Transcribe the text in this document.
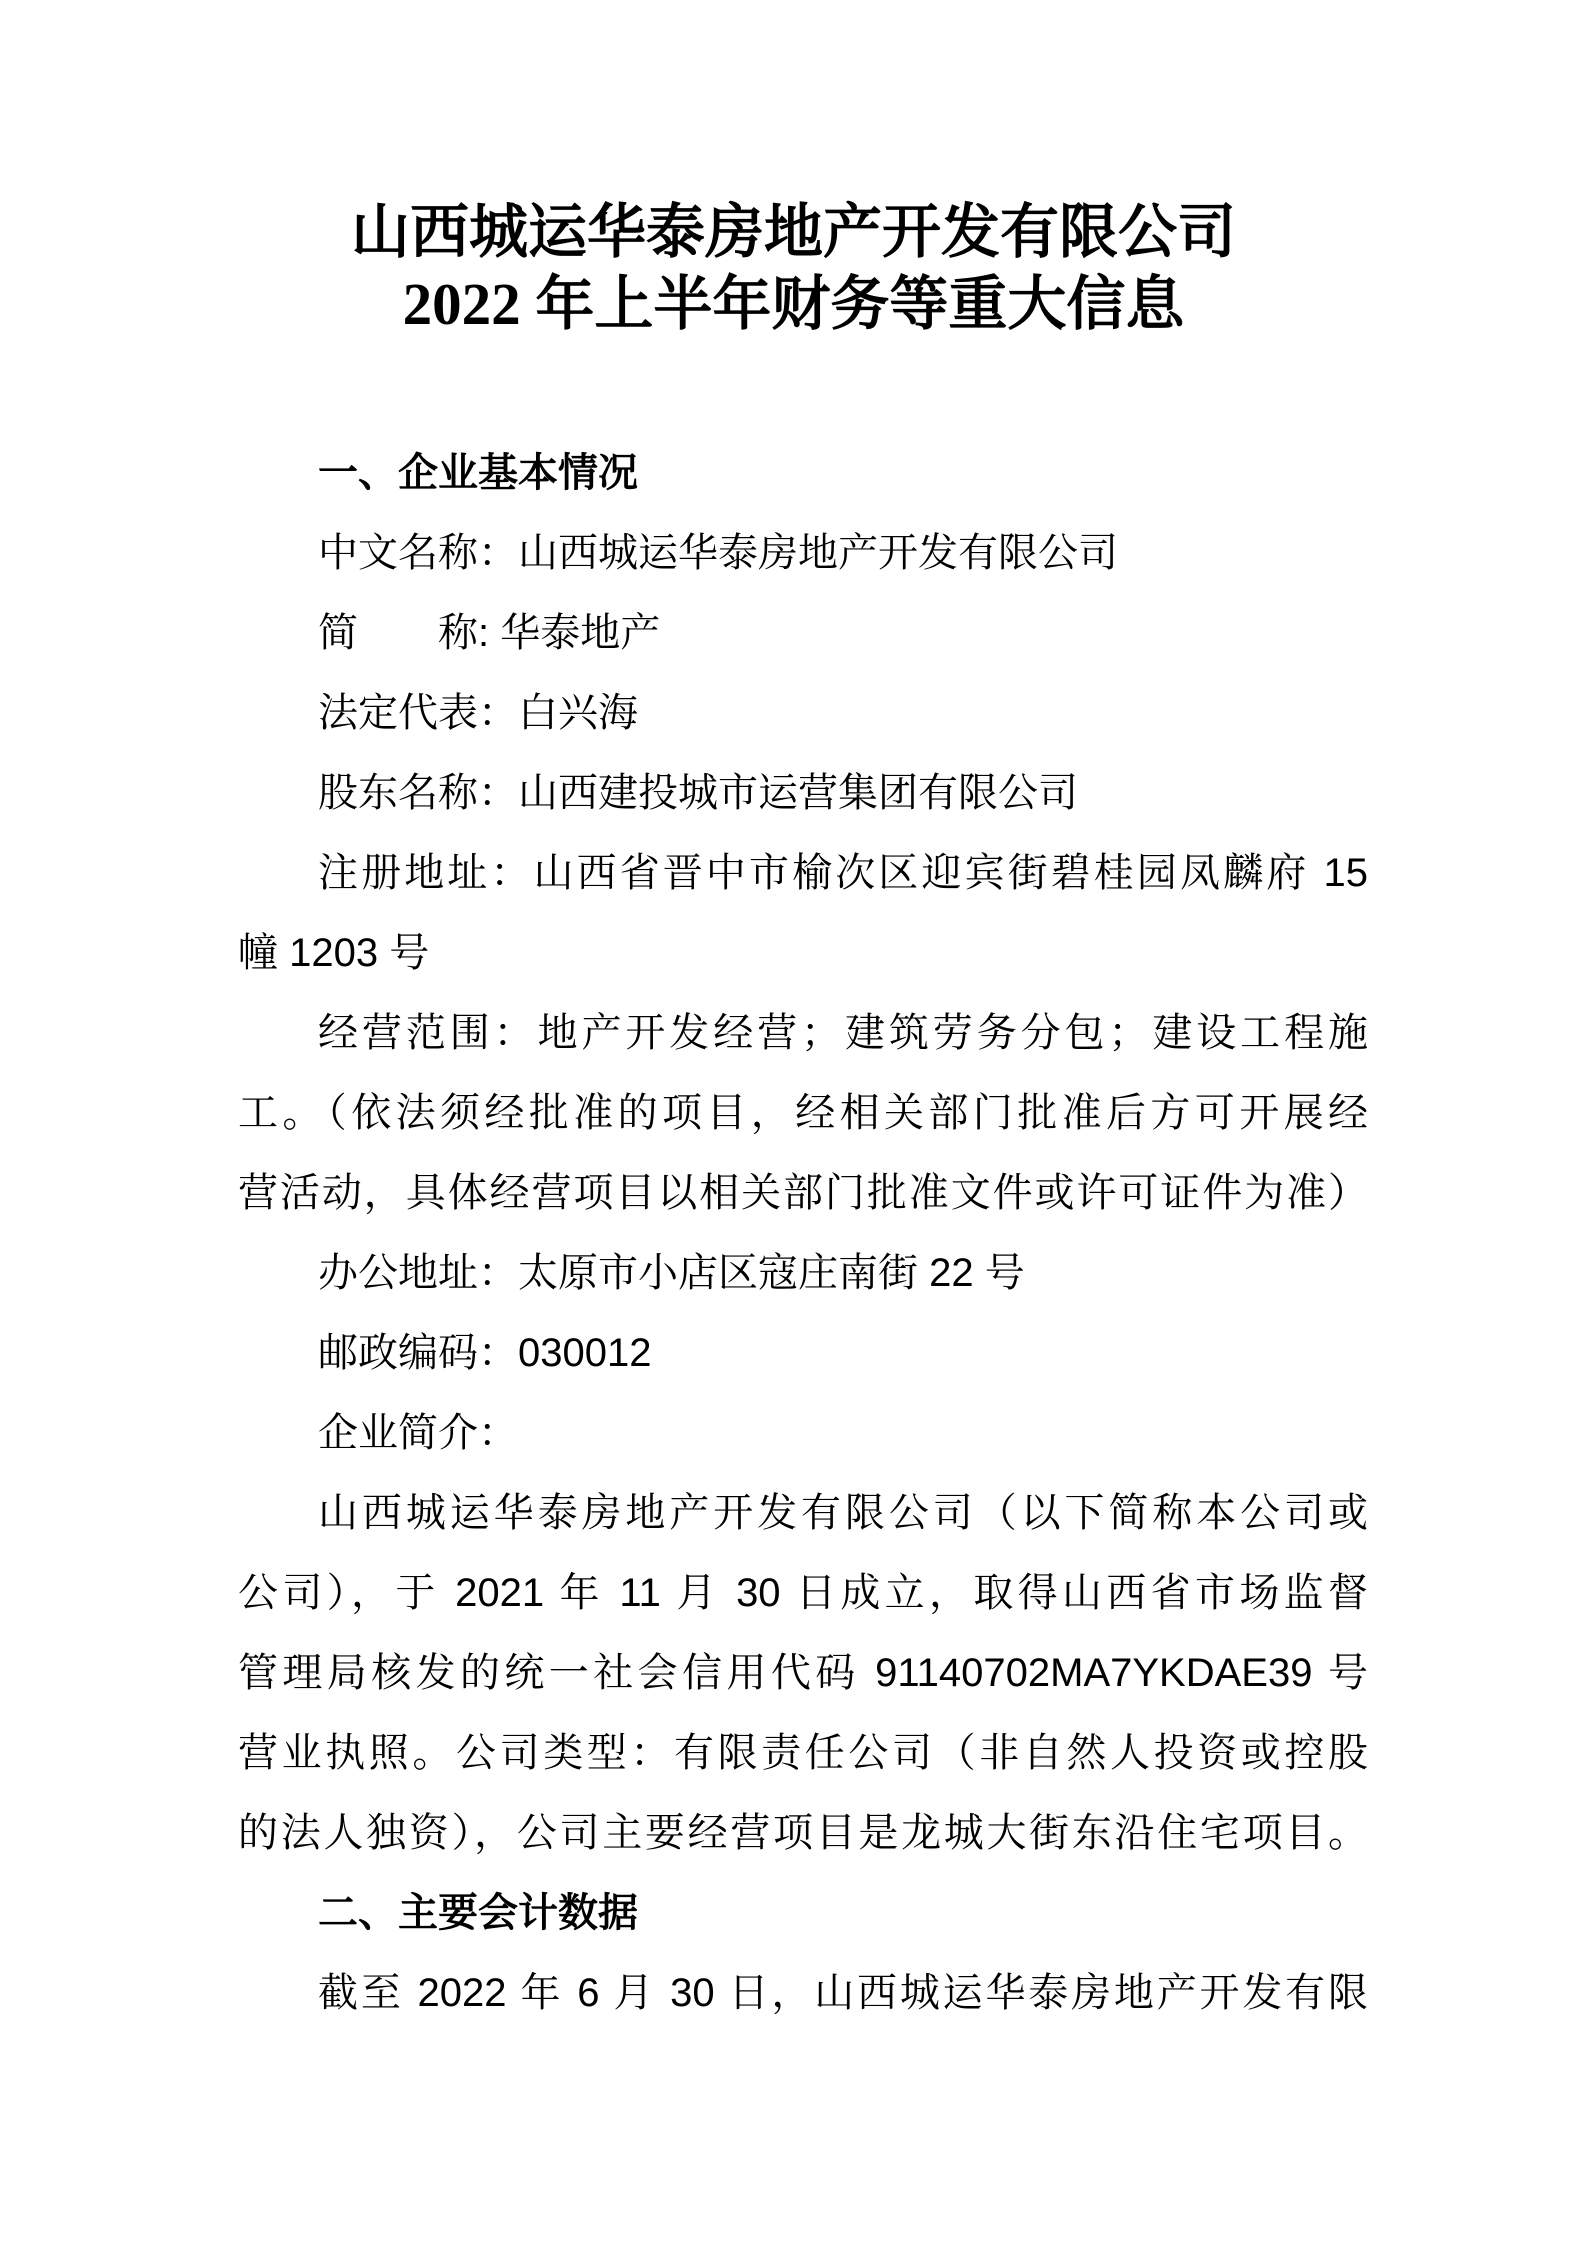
山西城运华泰房地产开发有限公司
2022 年上半年财务等重大信息
一、企业基本情况
中文名称：山西城运华泰房地产开发有限公司
简　　称: 华泰地产
法定代表：白兴海
股东名称：山西建投城市运营集团有限公司
注册地址：山西省晋中市榆次区迎宾街碧桂园凤麟府 15
幢 1203 号
经营范围：地产开发经营；建筑劳务分包；建设工程施
工。（依法须经批准的项目，经相关部门批准后方可开展经
营活动，具体经营项目以相关部门批准文件或许可证件为准）
办公地址：太原市小店区寇庄南街 22 号
邮政编码：030012
企业简介：
山西城运华泰房地产开发有限公司（以下简称本公司或
公司），于 2021 年 11 月 30 日成立，取得山西省市场监督
管理局核发的统一社会信用代码 91140702MA7YKDAE39 号
营业执照。公司类型：有限责任公司（非自然人投资或控股
的法人独资），公司主要经营项目是龙城大街东沿住宅项目。
二、主要会计数据
截至 2022 年 6 月 30 日，山西城运华泰房地产开发有限
